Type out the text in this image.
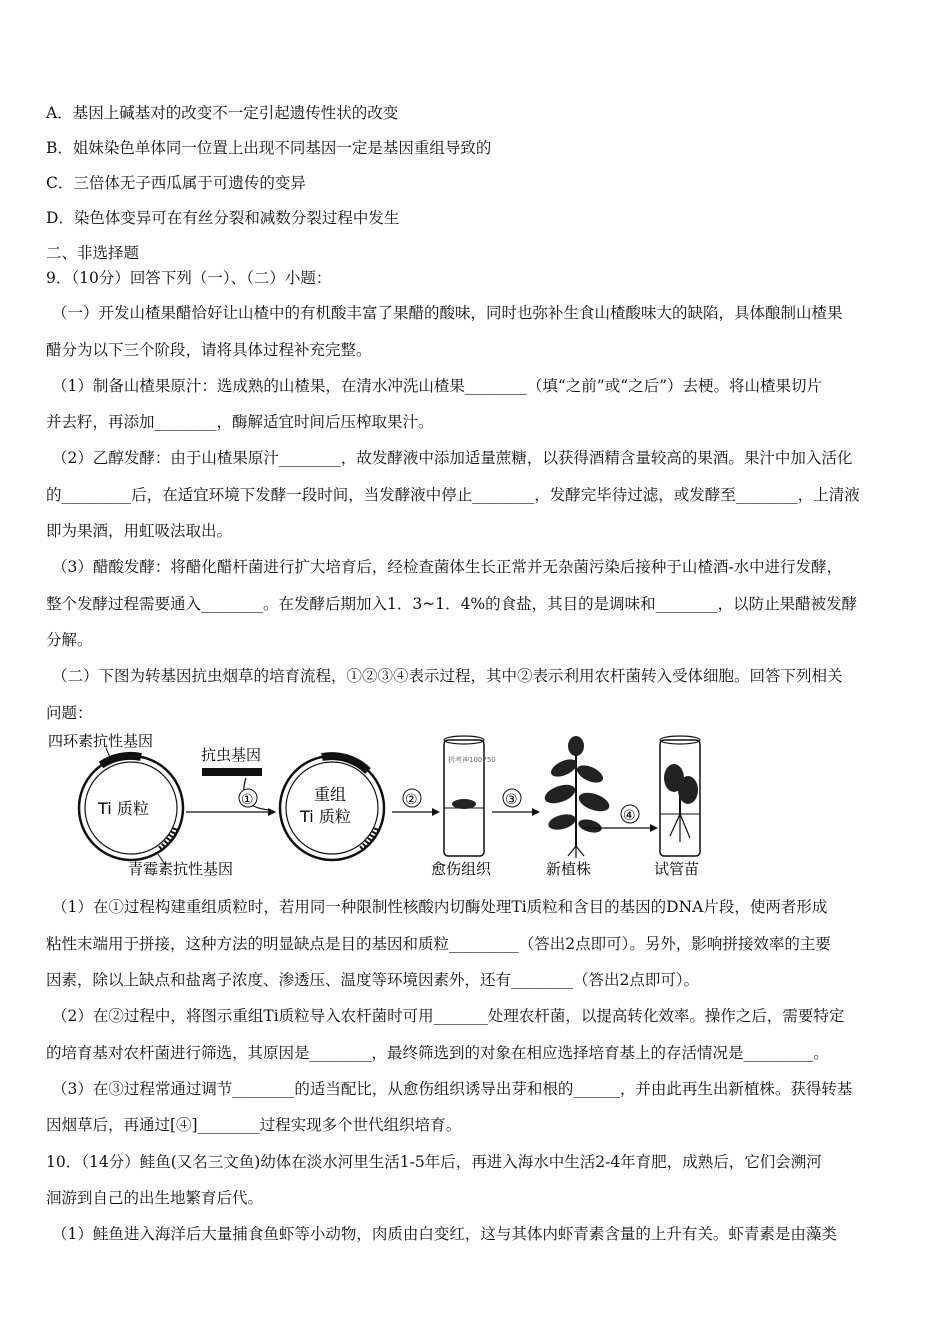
A．基因上碱基对的改变不一定引起遗传性状的改变
B．姐妹染色单体同一位置上出现不同基因一定是基因重组导致的
C．三倍体无子西瓜属于可遗传的变异
D．染色体变异可在有丝分裂和减数分裂过程中发生
二、非选择题
9．（10分）回答下列（一）、（二）小题：
（一）开发山楂果醋恰好让山楂中的有机酸丰富了果醋的酸味，同时也弥补生食山楂酸味大的缺陷，具体酿制山楂果
醋分为以下三个阶段，请将具体过程补充完整。
（1）制备山楂果原汁：选成熟的山楂果，在清水冲洗山楂果________（填“之前”或“之后”）去梗。将山楂果切片
并去籽，再添加________，酶解适宜时间后压榨取果汁。
（2）乙醇发酵：由于山楂果原汁________，故发酵液中添加适量蔗糖，以获得酒精含量较高的果酒。果汁中加入活化
的_________后，在适宜环境下发酵一段时间，当发酵液中停止________，发酵完毕待过滤，或发酵至________，上清液
即为果酒，用虹吸法取出。
（3）醋酸发酵：将醋化醋杆菌进行扩大培育后，经检查菌体生长正常并无杂菌污染后接种于山楂酒-水中进行发酵，
整个发酵过程需要通入________。在发酵后期加入1．3~1．4%的食盐，其目的是调味和________，以防止果醋被发酵
分解。
（二）下图为转基因抗虫烟草的培育流程，①②③④表示过程，其中②表示利用农杆菌转入受体细胞。回答下列相关
问题：
四环素抗性基因
Ti 质粒
青霉素抗性基因
抗虫基因
①	重组
Ti 质粒
②
折考神100750
愈伤组织
③
新植株
④
试管苗
（1）在①过程构建重组质粒时，若用同一种限制性核酸内切酶处理Ti质粒和含目的基因的DNA片段，使两者形成
粘性末端用于拼接，这种方法的明显缺点是目的基因和质粒_________（答出2点即可）。另外，影响拼接效率的主要
因素，除以上缺点和盐离子浓度、渗透压、温度等环境因素外，还有________（答出2点即可）。
（2）在②过程中，将图示重组Ti质粒导入农杆菌时可用_______处理农杆菌，以提高转化效率。操作之后，需要特定
的培育基对农杆菌进行筛选，其原因是________，最终筛选到的对象在相应选择培育基上的存活情况是_________。
（3）在③过程常通过调节________的适当配比，从愈伤组织诱导出芽和根的______，并由此再生出新植株。获得转基
因烟草后，再通过[④]________过程实现多个世代组织培育。
10．（14分）鲑鱼(又名三文鱼)幼体在淡水河里生活1-5年后，再进入海水中生活2-4年育肥，成熟后，它们会溯河
洄游到自己的出生地繁育后代。
（1）鲑鱼进入海洋后大量捕食鱼虾等小动物，肉质由白变红，这与其体内虾青素含量的上升有关。虾青素是由藻类
